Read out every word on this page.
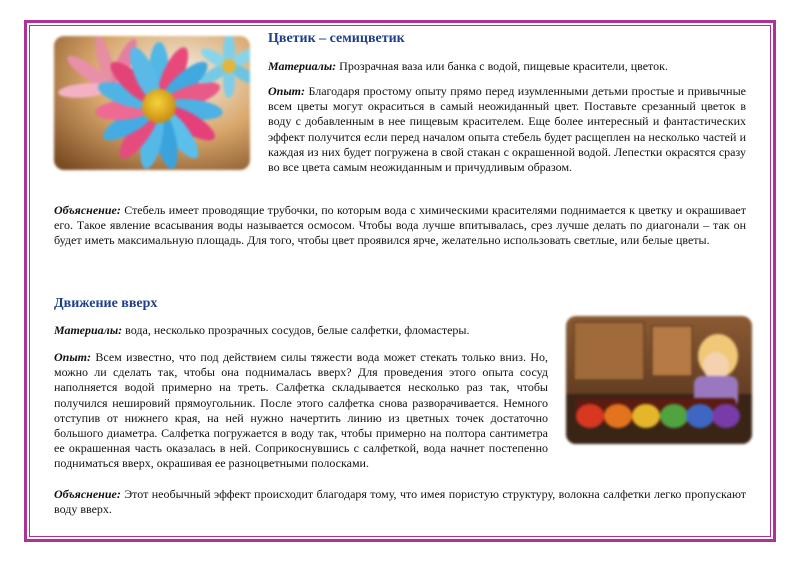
Цветик – семицветик

Материалы: Прозрачная ваза или банка с водой, пищевые красители, цветок.

Опыт: Благодаря простому опыту прямо перед изумленными детьми простые и привычные всем цветы могут окраситься в самый неожиданный цвет. Поставьте срезанный цветок в воду с добавленным в нее пищевым красителем. Еще более интересный и фантастических эффект получится если перед началом опыта стебель будет расщеплен на несколько частей и каждая из них будет погружена в свой стакан с окрашенной водой. Лепестки окрасятся сразу во все цвета самым неожиданным и причудливым образом.

Объяснение: Стебель имеет проводящие трубочки, по которым вода с химическими красителями поднимается к цветку и окрашивает его. Такое явление всасывания воды называется осмосом. Чтобы вода лучше впитывалась, срез лучше делать по диагонали – так он будет иметь максимальную площадь. Для того, чтобы цвет проявился ярче, желательно использовать светлые, или белые цветы.

Движение вверх

Материалы: вода, несколько прозрачных сосудов, белые салфетки, фломастеры.

Опыт: Всем известно, что под действием силы тяжести вода может стекать только вниз. Но, можно ли сделать так, чтобы она поднималась вверх? Для проведения этого опыта сосуд наполняется водой примерно на треть. Салфетка складывается несколько раз так, чтобы получился нешировий прямоугольник. После этого салфетка снова разворачивается. Немного отступив от нижнего края, на ней нужно начертить линию из цветных точек достаточно большого диаметра. Салфетка погружается в воду так, чтобы примерно на полтора сантиметра ее окрашенная часть оказалась в ней. Соприкоснувшись с салфеткой, вода начнет постепенно подниматься вверх, окрашивая ее разноцветными полосками.

Объяснение: Этот необычный эффект происходит благодаря тому, что имея пористую структуру, волокна салфетки легко пропускают воду вверх.
